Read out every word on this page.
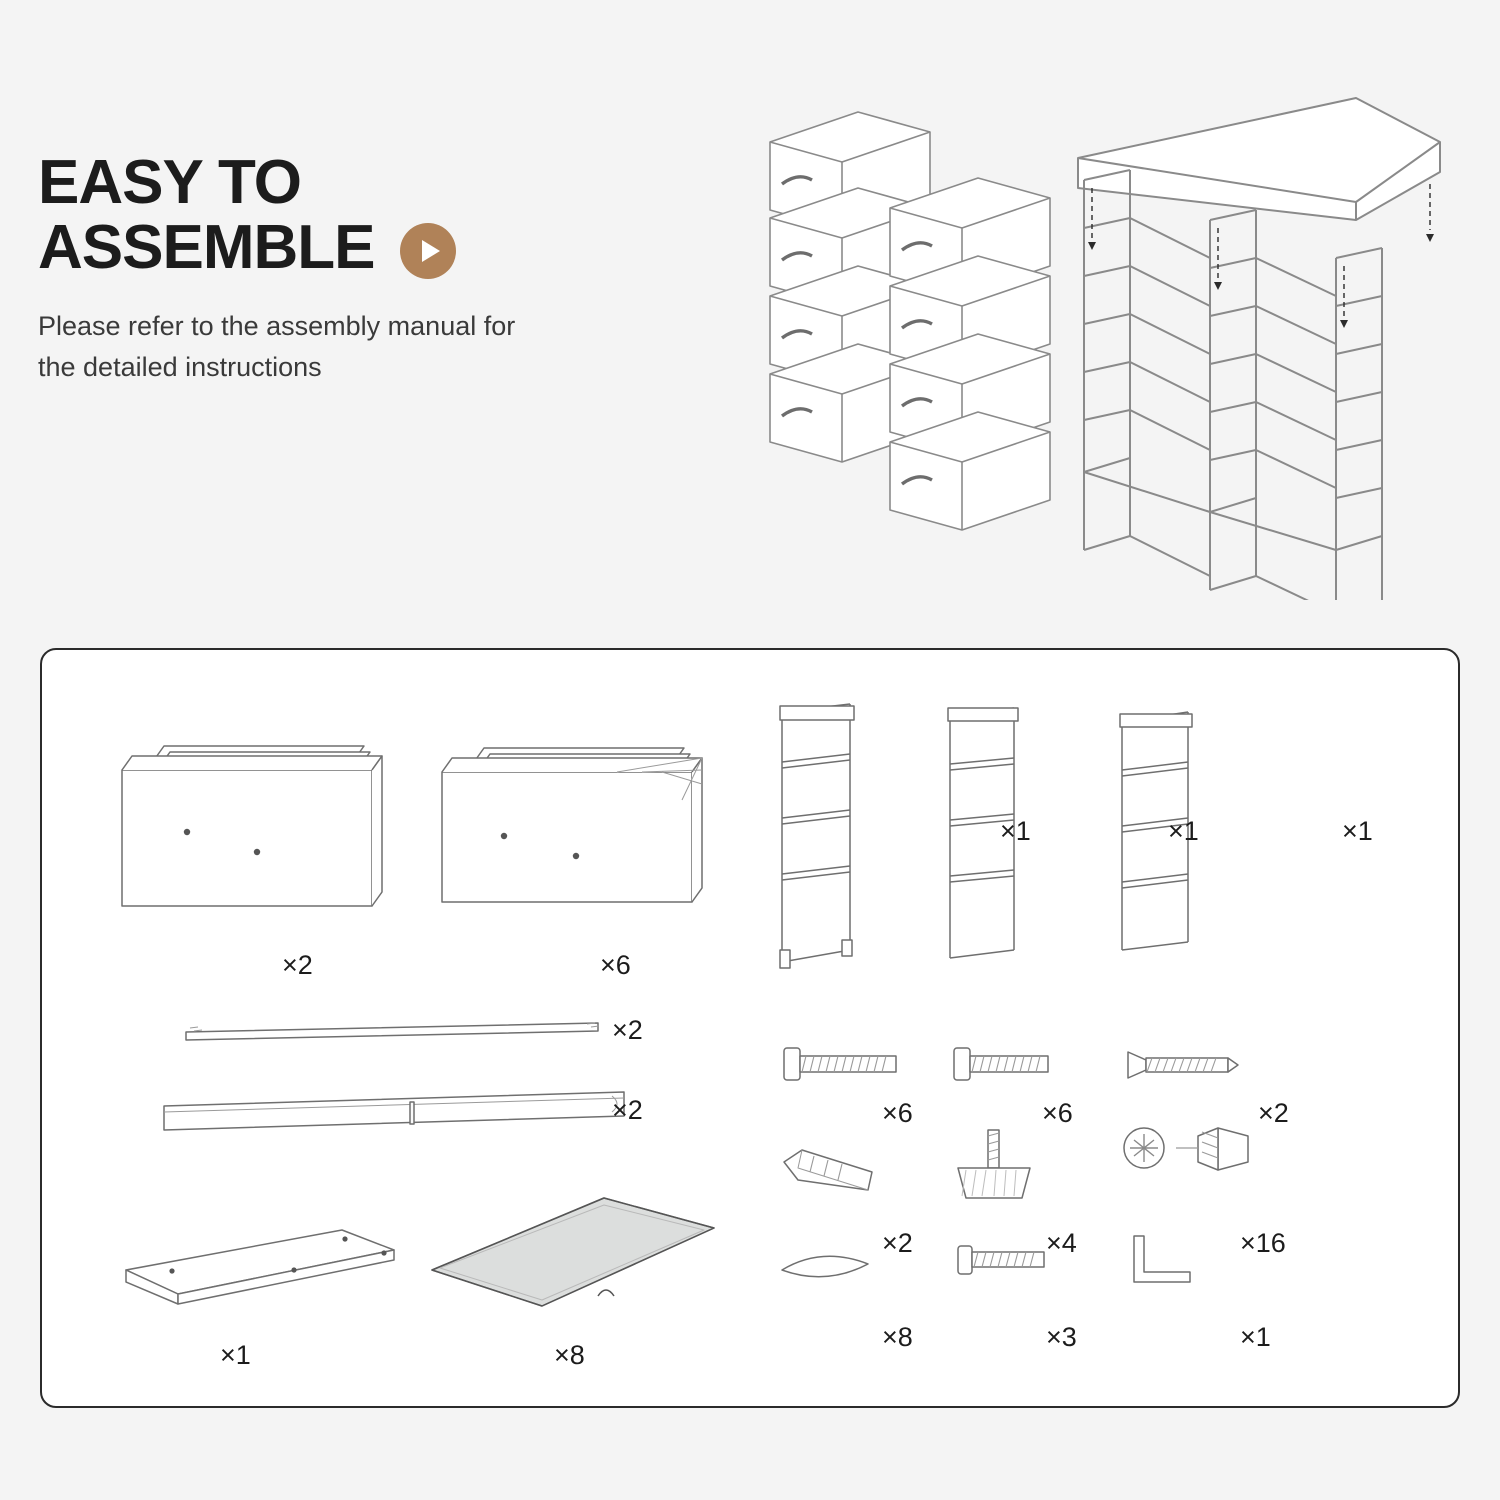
EASY TO
ASSEMBLE
Please refer to the assembly manual for the detailed instructions
×2	×6
×2
×2
×1	×8
×1	×1	×1
×6	×6	×2
×2	×4	×16
×8	×3	×1
